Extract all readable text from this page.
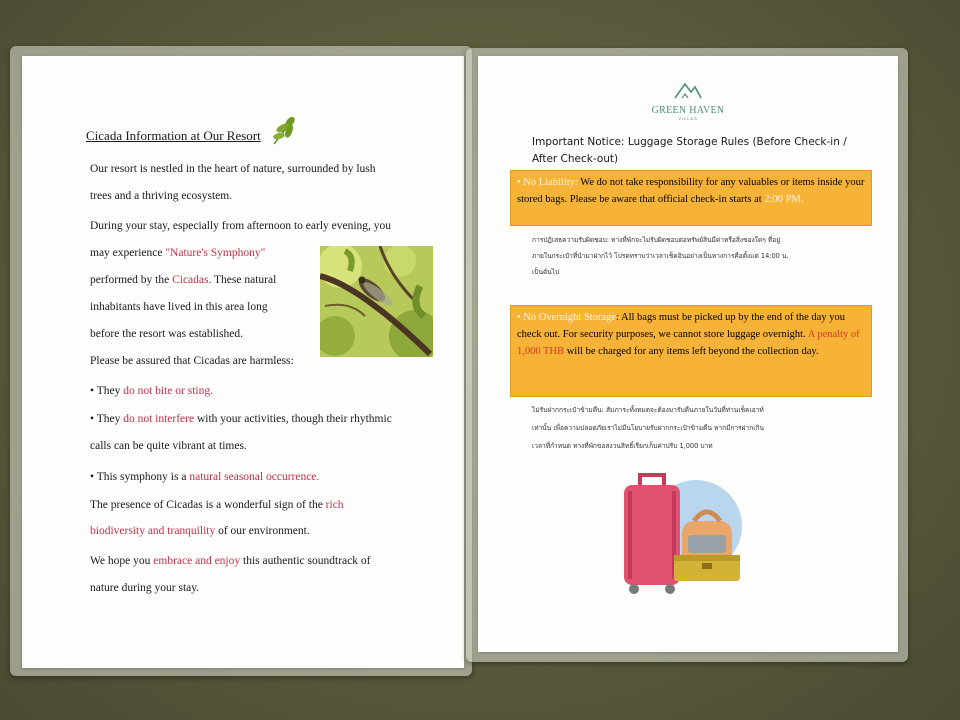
Cicada Information at Our Resort
Our resort is nestled in the heart of nature, surrounded by lush
trees and a thriving ecosystem.
During your stay, especially from afternoon to early evening, you
may experience "Nature's Symphony"
performed by the Cicadas. These natural
inhabitants have lived in this area long
before the resort was established.
Please be assured that Cicadas are harmless:
• They do not bite or sting.
• They do not interfere with your activities, though their rhythmic
calls can be quite vibrant at times.
• This symphony is a natural seasonal occurrence.
The presence of Cicadas is a wonderful sign of the rich
biodiversity and tranquility of our environment.
We hope you embrace and enjoy this authentic soundtrack of
nature during your stay.
GREEN HAVEN
VILLAS
Important Notice: Luggage Storage Rules (Before Check-in / After Check-out)
• No Liability: We do not take responsibility for any valuables or items inside your stored bags. Please be aware that official check-in starts at 2:00 PM.
การปฏิเสธความรับผิดชอบ: ทางที่พักจะไม่รับผิดชอบต่อทรัพย์สินมีค่าหรือสิ่งของใดๆ ที่อยู่
ภายในกระเป๋าที่นำมาฝากไว้ โปรดทราบว่าเวลาเช็คอินอย่างเป็นทางการคือตั้งแต่ 14:00 น.
เป็นต้นไป
• No Overnight Storage: All bags must be picked up by the end of the day you check out. For security purposes, we cannot store luggage overnight. A penalty of 1,000 THB will be charged for any items left beyond the collection day.
ไม่รับฝากกระเป๋าข้ามคืน: สัมภาระทั้งหมดจะต้องมารับคืนภายในวันที่ท่านเช็คเอาท์
เท่านั้น เพื่อความปลอดภัยเราไม่มีนโยบายรับฝากกระเป๋าข้ามคืน หากมีการฝากเกิน
เวลาที่กำหนด ทางที่พักขอสงวนสิทธิ์เรียกเก็บค่าปรับ 1,000 บาท
